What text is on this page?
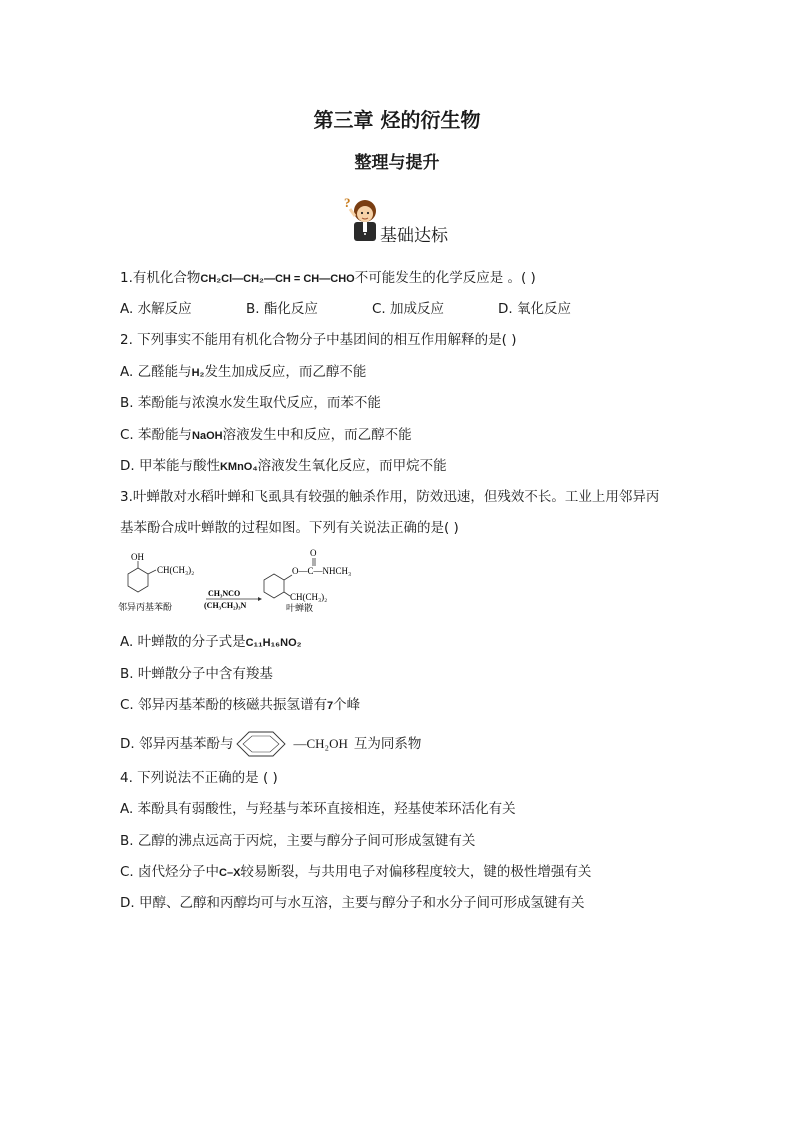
第三章 烃的衍生物
整理与提升
?
基础达标
1.有机化合物CH₂Cl—CH₂—CH = CH—CHO不可能发生的化学反应是 。( )
A. 水解反应	B. 酯化反应	C. 加成反应	D. 氧化反应
2. 下列事实不能用有机化合物分子中基团间的相互作用解释的是( )
A. 乙醛能与H₂发生加成反应，而乙醇不能
B. 苯酚能与浓溴水发生取代反应，而苯不能
C. 苯酚能与NaOH溶液发生中和反应，而乙醇不能
D. 甲苯能与酸性KMnO₄溶液发生氧化反应，而甲烷不能
3.叶蝉散对水稻叶蝉和飞虱具有较强的触杀作用，防效迅速，但残效不长。工业上用邻异丙
基苯酚合成叶蝉散的过程如图。下列有关说法正确的是( )
OH
CH(CH₃)₂
邻异丙基苯酚
CH₃NCO
(CH₃CH₂)₃N
O
O—C—NHCH₃
CH(CH₃)₂
叶蝉散
A. 叶蝉散的分子式是C₁₁H₁₆NO₂
B. 叶蝉散分子中含有羧基
C. 邻异丙基苯酚的核磁共振氢谱有7个峰
D. 邻异丙基苯酚与	—CH₂OH 互为同系物
4. 下列说法不正确的是 ( )
A. 苯酚具有弱酸性，与羟基与苯环直接相连，羟基使苯环活化有关
B. 乙醇的沸点远高于丙烷，主要与醇分子间可形成氢键有关
C. 卤代烃分子中C–X较易断裂，与共用电子对偏移程度较大，键的极性增强有关
D. 甲醇、乙醇和丙醇均可与水互溶，主要与醇分子和水分子间可形成氢键有关
